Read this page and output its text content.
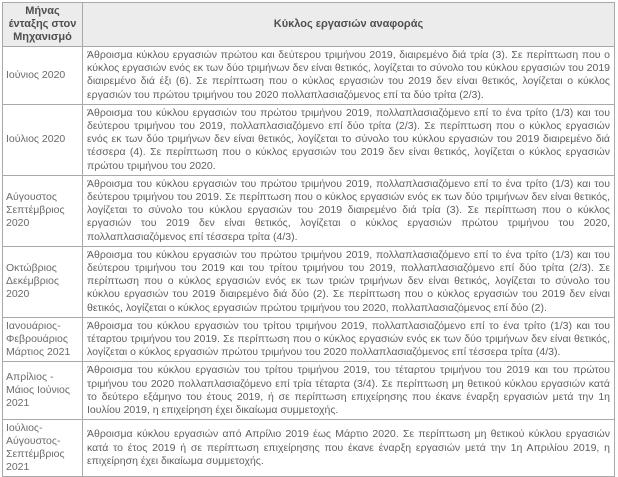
Μήνας ένταξης στον Μηχανισμό	Κύκλος εργασιών αναφοράς
Ιούνιος 2020	Άθροισμα κύκλου εργασιών πρώτου και δεύτερου τριμήνου 2019, διαιρεμένο διά τρία (3). Σε περίπτωση που ο κύκλος εργασιών ενός εκ των δύο τριμήνων δεν είναι θετικός, λογίζεται το σύνολο του κύκλου εργασιών του 2019 διαιρεμένο διά έξι (6). Σε περίπτωση που ο κύκλος εργασιών του 2019 δεν είναι θετικός, λογίζεται ο κύκλος εργασιών του πρώτου τριμήνου του 2020 πολλαπλασιαζόμενος επί τα δύο τρίτα (2/3).
Ιούλιος 2020	Άθροισμα του κύκλου εργασιών του πρώτου τριμήνου 2019, πολλαπλασιαζόμενο επί το ένα τρίτο (1/3) και του δεύτερου τριμήνου του 2019, πολλαπλασιαζόμενο επί δύο τρίτα (2/3). Σε περίπτωση που ο κύκλος εργασιών ενός εκ των δύο τριμήνων δεν είναι θετικός, λογίζεται το σύνολο του κύκλου εργασιών του 2019 διαιρεμένο διά τέσσερα (4). Σε περίπτωση που ο κύκλος εργασιών του 2019 δεν είναι θετικός, λογίζεται ο κύκλος εργασιών πρώτου τριμήνου του 2020.
Αύγουστος Σεπτέμβριος 2020	Άθροισμα του κύκλου εργασιών του πρώτου τριμήνου 2019, πολλαπλασιαζόμενο επί το ένα τρίτο (1/3) και του δεύτερου τριμήνου του 2019. Σε περίπτωση που ο κύκλος εργασιών ενός εκ των δύο τριμήνων δεν είναι θετικός, λογίζεται το σύνολο του κύκλου εργασιών του 2019 διαιρεμένο διά τρία (3). Σε περίπτωση που ο κύκλος εργασιών του 2019 δεν είναι θετικός, λογίζεται ο κύκλος εργασιών πρώτου τριμήνου του 2020, πολλαπλασιαζόμενος επί τέσσερα τρίτα (4/3).
Οκτώβριος Δεκέμβριος 2020	Άθροισμα του κύκλου εργασιών του πρώτου τριμήνου 2019, πολλαπλασιαζόμενο επί το ένα τρίτο (1/3) και του δεύτερου τριμήνου του 2019 και του τρίτου τριμήνου του 2019, πολλαπλασιαζόμενο επί δύο τρίτα (2/3). Σε περίπτωση που ο κύκλος εργασιών ενός εκ των τριών τριμήνων δεν είναι θετικός, λογίζεται το σύνολο του κύκλου εργασιών του 2019 διαιρεμένο διά δύο (2). Σε περίπτωση που ο κύκλος εργασιών του 2019 δεν είναι θετικός, λογίζεται ο κύκλος εργασιών πρώτου τριμήνου του 2020, πολλαπλασιαζόμενος επί δύο (2).
Ιανουάριος- Φεβρουάριος Μάρτιος 2021	Άθροισμα του κύκλου εργασιών του τρίτου τριμήνου 2019, πολλαπλασιαζόμενο επί το ένα τρίτο (1/3) και του τέταρτου τριμήνου του 2019. Σε περίπτωση που ο κύκλος εργασιών ενός εκ των δύο τριμήνων δεν είναι θετικός, λογίζεται ο κύκλος εργασιών πρώτου τριμήνου του 2020 πολλαπλασιαζόμενος επί τέσσερα τρίτα (4/3).
Απρίλιος - Μάιος Ιούνιος 2021	Άθροισμα του κύκλου εργασιών του τρίτου τριμήνου 2019, του τέταρτου τριμήνου του 2019 και του πρώτου τριμήνου του 2020 πολλαπλασιαζόμενο επί τρία τέταρτα (3/4). Σε περίπτωση μη θετικού κύκλου εργασιών κατά το δεύτερο εξάμηνο του έτους 2019, ή σε περίπτωση επιχείρησης που έκανε έναρξη εργασιών μετά την 1η Ιουλίου 2019, η επιχείρηση έχει δικαίωμα συμμετοχής.
Ιούλιος- Αύγουστος- Σεπτέμβριος 2021	Άθροισμα κύκλου εργασιών από Απρίλιο 2019 έως Μάρτιο 2020. Σε περίπτωση μη θετικού κύκλου εργασιών κατά το έτος 2019 ή σε περίπτωση επιχείρησης που έκανε έναρξη εργασιών μετά την 1η Απριλίου 2019, η επιχείρηση έχει δικαίωμα συμμετοχής.
